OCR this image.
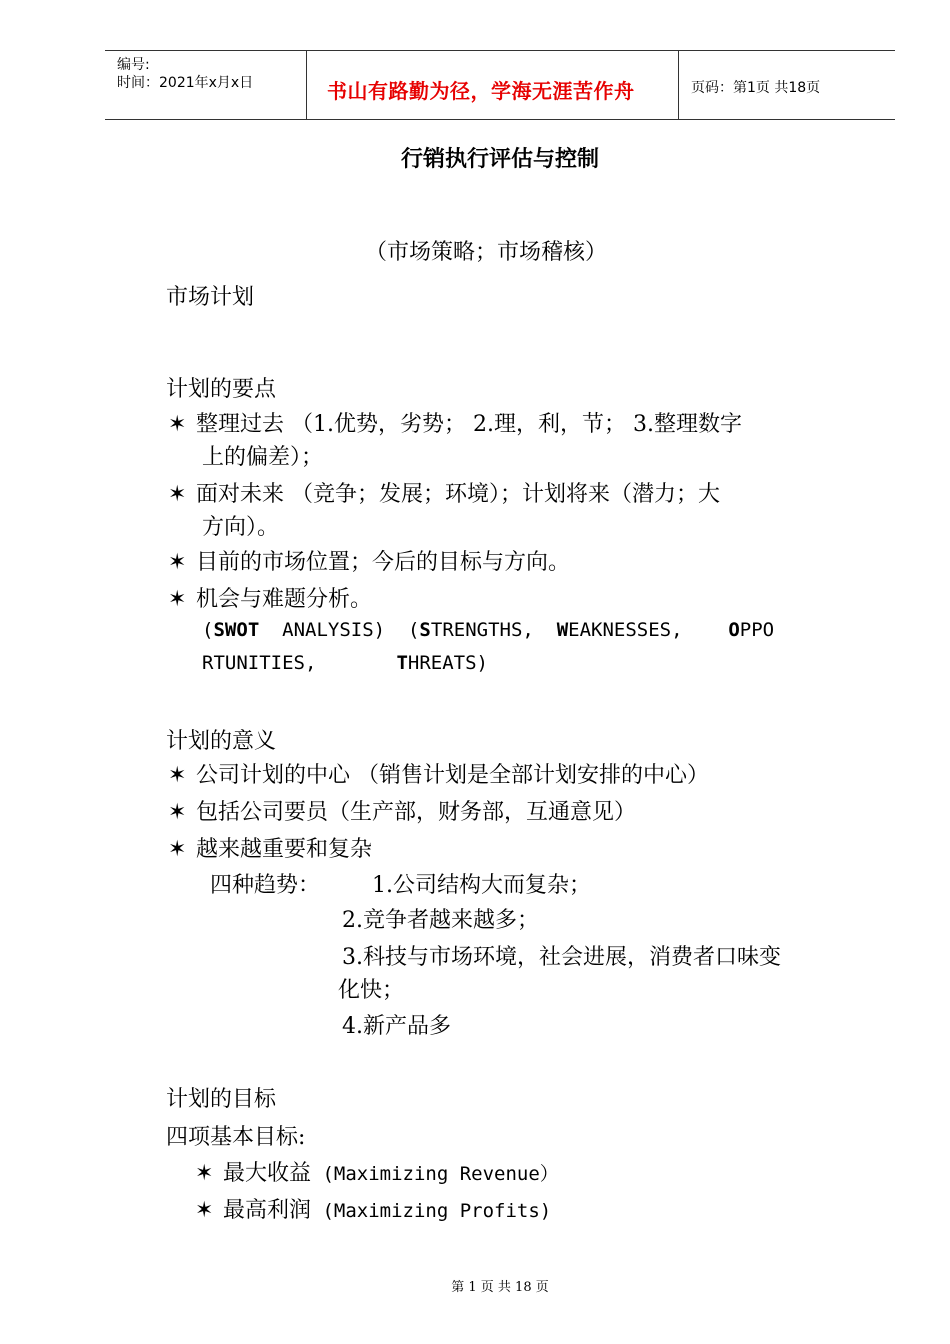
编号:
时间：2021年x月x日	书山有路勤为径，学海无涯苦作舟	页码：第1页 共18页
行销执行评估与控制
（市场策略；市场稽核）
市场计划
计划的要点
✶ 整理过去 （1.优势，劣势； 2.理，利，节； 3.整理数字
上的偏差）；
✶ 面对未来 （竞争；发展；环境）；计划将来（潜力；大
方向）。
✶ 目前的市场位置；今后的目标与方向。
✶ 机会与难题分析。
(SWOT  ANALYSIS)  (STRENGTHS,  WEAKNESSES,    OPPO
RTUNITIES,       THREATS)
计划的意义
✶ 公司计划的中心 （销售计划是全部计划安排的中心）
✶ 包括公司要员（生产部，财务部，互通意见）
✶ 越来越重要和复杂
四种趋势： 1.公司结构大而复杂；
2.竞争者越来越多；
3.科技与市场环境，社会进展，消费者口味变
化快；
4.新产品多
计划的目标
四项基本目标:
✶ 最大收益 (Maximizing Revenue）
✶ 最高利润 (Maximizing Profits)
第 1 页 共 18 页
